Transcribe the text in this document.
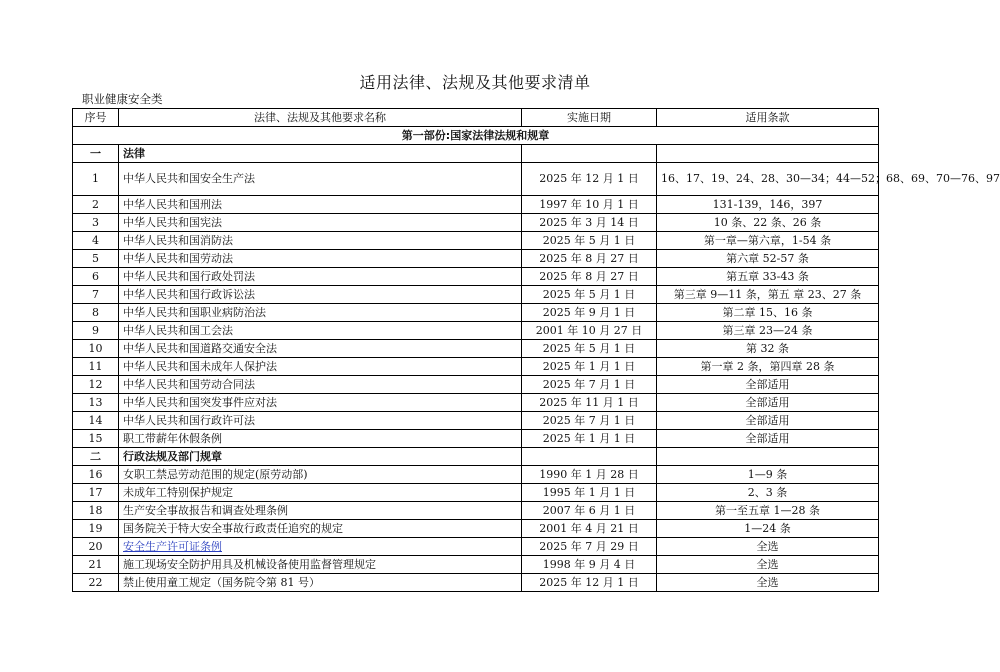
适用法律、法规及其他要求清单
职业健康安全类
序号	法律、法规及其他要求名称	实施日期	适用条款
第一部份:国家法律法规和规章			
一	法律		
1	中华人民共和国安全生产法	2025 年 12 月 1 日	16、17、19、24、28、30—34；44—52；68、69、70—76、97
2	中华人民共和国刑法	1997 年 10 月 1 日	131-139，146，397
3	中华人民共和国宪法	2025 年 3 月 14 日	10 条、22 条、26 条
4	中华人民共和国消防法	2025 年 5 月 1 日	第一章—第六章，1-54 条
5	中华人民共和国劳动法	2025 年 8 月 27 日	第六章 52-57 条
6	中华人民共和国行政处罚法	2025 年 8 月 27 日	第五章 33-43 条
7	中华人民共和国行政诉讼法	2025 年 5 月 1 日	第三章 9—11 条，第五 章 23、27 条
8	中华人民共和国职业病防治法	2025 年 9 月 1 日	第二章 15、16 条
9	中华人民共和国工会法	2001 年 10 月 27 日	第三章 23—24 条
10	中华人民共和国道路交通安全法	2025 年 5 月 1 日	第 32 条
11	中华人民共和国未成年人保护法	2025 年 1 月 1 日	第一章 2 条，第四章 28 条
12	中华人民共和国劳动合同法	2025 年 7 月 1 日	全部适用
13	中华人民共和国突发事件应对法	2025 年 11 月 1 日	全部适用
14	中华人民共和国行政许可法	2025 年 7 月 1 日	全部适用
15	职工带薪年休假条例	2025 年 1 月 1 日	全部适用
二	行政法规及部门规章		
16	女职工禁忌劳动范围的规定(原劳动部)	1990 年 1 月 28 日	1—9 条
17	未成年工特别保护规定	1995 年 1 月 1 日	2、3 条
18	生产安全事故报告和调查处理条例	2007 年 6 月 1 日	第一至五章 1—28 条
19	国务院关于特大安全事故行政责任追究的规定	2001 年 4 月 21 日	1—24 条
20	安全生产许可证条例	2025 年 7 月 29 日	全选
21	施工现场安全防护用具及机械设备使用监督管理规定	1998 年 9 月 4 日	全选
22	禁止使用童工规定（国务院令第 81 号）	2025 年 12 月 1 日	全选
